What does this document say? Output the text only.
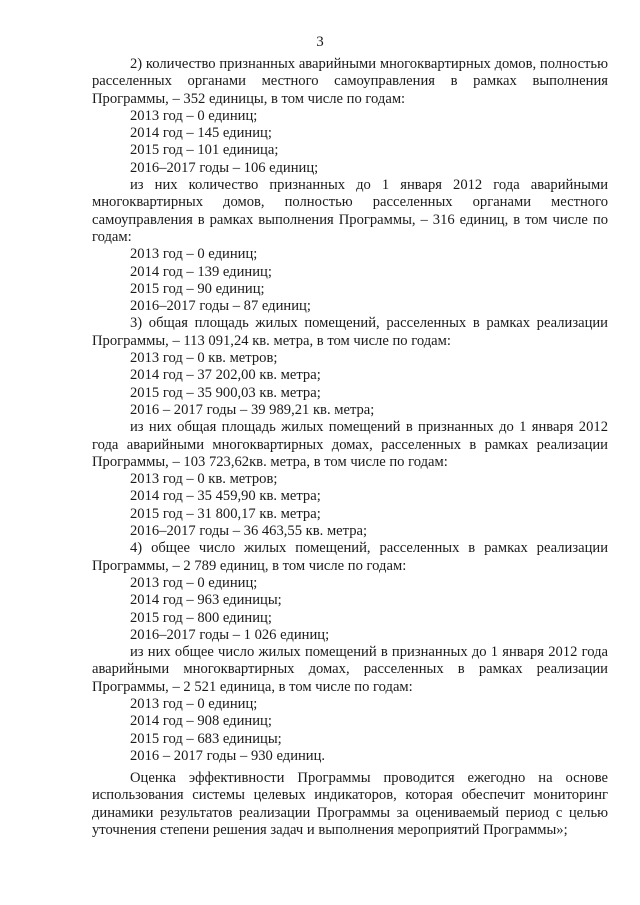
3

2) количество признанных аварийными многоквартирных домов, полностью расселенных органами местного самоуправления в рамках выполнения Программы, – 352 единицы, в том числе по годам:

2013 год – 0 единиц;

2014 год – 145 единиц;

2015 год – 101 единица;

2016–2017 годы – 106 единиц;

из них количество признанных до 1 января 2012 года аварийными многоквартирных домов, полностью расселенных органами местного самоуправления в рамках выполнения Программы, – 316 единиц, в том числе по годам:

2013 год – 0 единиц;

2014 год – 139 единиц;

2015 год – 90 единиц;

2016–2017 годы – 87 единиц;

3) общая площадь жилых помещений, расселенных в рамках реализации Программы, – 113 091,24 кв. метра, в том числе по годам:

2013 год – 0 кв. метров;

2014 год – 37 202,00 кв. метра;

2015 год – 35 900,03 кв. метра;

2016 – 2017 годы – 39 989,21 кв. метра;

из них общая площадь жилых помещений в признанных до 1 января 2012 года аварийными многоквартирных домах, расселенных в рамках реализации Программы, – 103 723,62кв. метра, в том числе по годам:

2013 год – 0 кв. метров;

2014 год – 35 459,90 кв. метра;

2015 год – 31 800,17 кв. метра;

2016–2017 годы – 36 463,55 кв. метра;

4) общее число жилых помещений, расселенных в рамках реализации Программы, – 2 789 единиц, в том числе по годам:

2013 год – 0 единиц;

2014 год – 963 единицы;

2015 год – 800 единиц;

2016–2017 годы – 1 026 единиц;

из них общее число жилых помещений в признанных до 1 января 2012 года аварийными многоквартирных домах, расселенных в рамках реализации Программы, – 2 521 единица, в том числе по годам:

2013 год – 0 единиц;

2014 год – 908 единиц;

2015 год – 683 единицы;

2016 – 2017 годы – 930 единиц.

Оценка эффективности Программы проводится ежегодно на основе использования системы целевых индикаторов, которая обеспечит мониторинг динамики результатов реализации Программы за оцениваемый период с целью уточнения степени решения задач и выполнения мероприятий Программы»;
